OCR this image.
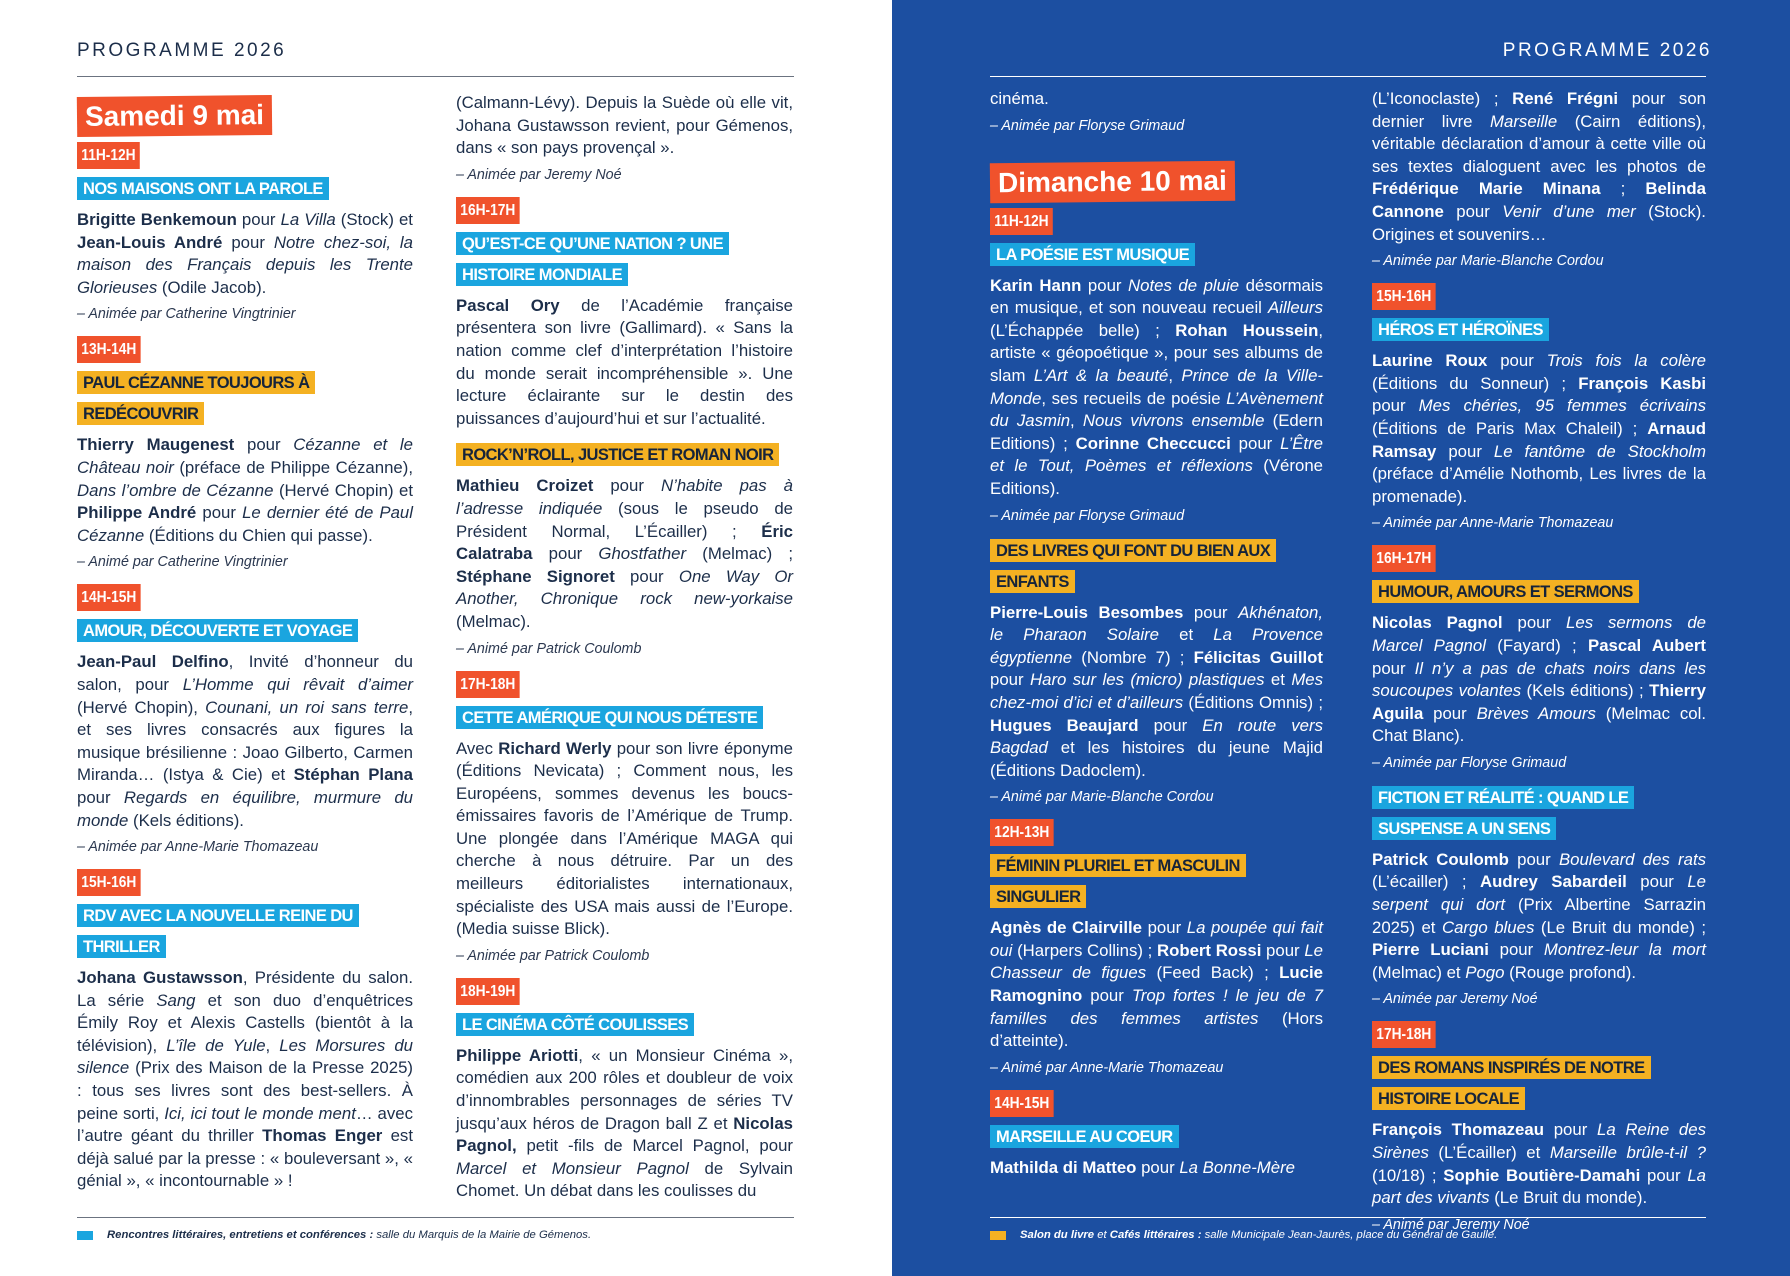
PROGRAMME 2026
Samedi 9 mai
11H-12H
NOS MAISONS ONT LA PAROLE
Brigitte Benkemoun pour La Villa (Stock) et Jean-Louis André pour Notre chez-soi, la maison des Français depuis les Trente Glorieuses (Odile Jacob).
– Animée par Catherine Vingtrinier
13H-14H
PAUL CÉZANNE TOUJOURS À REDÉCOUVRIR
Thierry Maugenest pour Cézanne et le Château noir (préface de Philippe Cézanne), Dans l’ombre de Cézanne (Hervé Chopin) et Philippe André pour Le dernier été de Paul Cézanne (Éditions du Chien qui passe).
– Animé par Catherine Vingtrinier
14H-15H
AMOUR, DÉCOUVERTE ET VOYAGE
Jean-Paul Delfino, Invité d’honneur du salon, pour L’Homme qui rêvait d’aimer (Hervé Chopin), Counani, un roi sans terre, et ses livres consacrés aux figures la musique brésilienne : Joao Gilberto, Carmen Miranda… (Istya & Cie) et Stéphan Plana pour Regards en équilibre, murmure du monde (Kels éditions).
– Animée par Anne-Marie Thomazeau
15H-16H
RDV AVEC LA NOUVELLE REINE DU THRILLER
Johana Gustawsson, Présidente du salon. La série Sang et son duo d’enquêtrices Émily Roy et Alexis Castells (bientôt à la télévision), L’île de Yule, Les Morsures du silence (Prix des Maison de la Presse 2025) : tous ses livres sont des best-sellers. À peine sorti, Ici, ici tout le monde ment… avec l’autre géant du thriller Thomas Enger est déjà salué par la presse : « bouleversant », « génial », « incontournable » !
(Calmann-Lévy). Depuis la Suède où elle vit, Johana Gustawsson revient, pour Gémenos, dans « son pays provençal ».
– Animée par Jeremy Noé
16H-17H
QU’EST-CE QU’UNE NATION ? UNE HISTOIRE MONDIALE
Pascal Ory de l’Académie française présentera son livre (Gallimard). « Sans la nation comme clef d’interprétation l’histoire du monde serait incompréhensible ». Une lecture éclairante sur le destin des puissances d’aujourd’hui et sur l’actualité.
ROCK’N’ROLL, JUSTICE ET ROMAN NOIR
Mathieu Croizet pour N’habite pas à l’adresse indiquée (sous le pseudo de Président Normal, L’Écailler) ; Éric Calatraba pour Ghostfather (Melmac) ; Stéphane Signoret pour One Way Or Another, Chronique rock new-yorkaise (Melmac).
– Animé par Patrick Coulomb
17H-18H
CETTE AMÉRIQUE QUI NOUS DÉTESTE
Avec Richard Werly pour son livre éponyme (Éditions Nevicata) ; Comment nous, les Européens, sommes devenus les boucs-émissaires favoris de l’Amérique de Trump. Une plongée dans l’Amérique MAGA qui cherche à nous détruire. Par un des meilleurs éditorialistes internationaux, spécialiste des USA mais aussi de l’Europe. (Media suisse Blick).
– Animée par Patrick Coulomb
18H-19H
LE CINÉMA CÔTÉ COULISSES
Philippe Ariotti, « un Monsieur Cinéma », comédien aux 200 rôles et doubleur de voix d’innombrables personnages de séries TV jusqu’aux héros de Dragon ball Z et Nicolas Pagnol, petit -fils de Marcel Pagnol, pour Marcel et Monsieur Pagnol de Sylvain Chomet. Un débat dans les coulisses du
Rencontres littéraires, entretiens et conférences : salle du Marquis de la Mairie de Gémenos.
PROGRAMME 2026
cinéma.
– Animée par Floryse Grimaud
Dimanche 10 mai
11H-12H
LA POÉSIE EST MUSIQUE
Karin Hann pour Notes de pluie désormais en musique, et son nouveau recueil Ailleurs (L’Échappée belle) ; Rohan Houssein, artiste « géopoétique », pour ses albums de slam L’Art & la beauté, Prince de la Ville-Monde, ses recueils de poésie L’Avènement du Jasmin, Nous vivrons ensemble (Edern Editions) ; Corinne Checcucci pour L’Être et le Tout, Poèmes et réflexions (Vérone Editions).
– Animée par Floryse Grimaud
DES LIVRES QUI FONT DU BIEN AUX ENFANTS
Pierre-Louis Besombes pour Akhénaton, le Pharaon Solaire et La Provence égyptienne (Nombre 7) ; Félicitas Guillot pour Haro sur les (micro) plastiques et Mes chez-moi d’ici et d’ailleurs (Éditions Omnis) ; Hugues Beaujard pour En route vers Bagdad et les histoires du jeune Majid (Éditions Dadoclem).
– Animé par Marie-Blanche Cordou
12H-13H
FÉMININ PLURIEL ET MASCULIN SINGULIER
Agnès de Clairville pour La poupée qui fait oui (Harpers Collins) ; Robert Rossi pour Le Chasseur de figues (Feed Back) ; Lucie Ramognino pour Trop fortes ! le jeu de 7 familles des femmes artistes (Hors d’atteinte).
– Animé par Anne-Marie Thomazeau
14H-15H
MARSEILLE AU COEUR
Mathilda di Matteo pour La Bonne-Mère
(L’Iconoclaste) ; René Frégni pour son dernier livre Marseille (Cairn éditions), véritable déclaration d’amour à cette ville où ses textes dialoguent avec les photos de Frédérique Marie Minana ; Belinda Cannone pour Venir d’une mer (Stock). Origines et souvenirs…
– Animée par Marie-Blanche Cordou
15H-16H
HÉROS ET HÉROÏNES
Laurine Roux pour Trois fois la colère (Éditions du Sonneur) ; François Kasbi pour Mes chéries, 95 femmes écrivains (Éditions de Paris Max Chaleil) ; Arnaud Ramsay pour Le fantôme de Stockholm (préface d’Amélie Nothomb, Les livres de la promenade).
– Animée par Anne-Marie Thomazeau
16H-17H
HUMOUR, AMOURS ET SERMONS
Nicolas Pagnol pour Les sermons de Marcel Pagnol (Fayard) ; Pascal Aubert pour Il n’y a pas de chats noirs dans les soucoupes volantes (Kels éditions) ; Thierry Aguila pour Brèves Amours (Melmac col. Chat Blanc).
– Animée par Floryse Grimaud
FICTION ET RÉALITÉ : QUAND LE SUSPENSE A UN SENS
Patrick Coulomb pour Boulevard des rats (L’écailler) ; Audrey Sabardeil pour Le serpent qui dort (Prix Albertine Sarrazin 2025) et Cargo blues (Le Bruit du monde) ; Pierre Luciani pour Montrez-leur la mort (Melmac) et Pogo (Rouge profond).
– Animée par Jeremy Noé
17H-18H
DES ROMANS INSPIRÉS DE NOTRE HISTOIRE LOCALE
François Thomazeau pour La Reine des Sirènes (L’Écailler) et Marseille brûle-t-il ? (10/18) ; Sophie Boutière-Damahi pour La part des vivants (Le Bruit du monde).
– Animé par Jeremy Noé
Salon du livre et Cafés littéraires : salle Municipale Jean-Jaurès, place du Général de Gaulle.
